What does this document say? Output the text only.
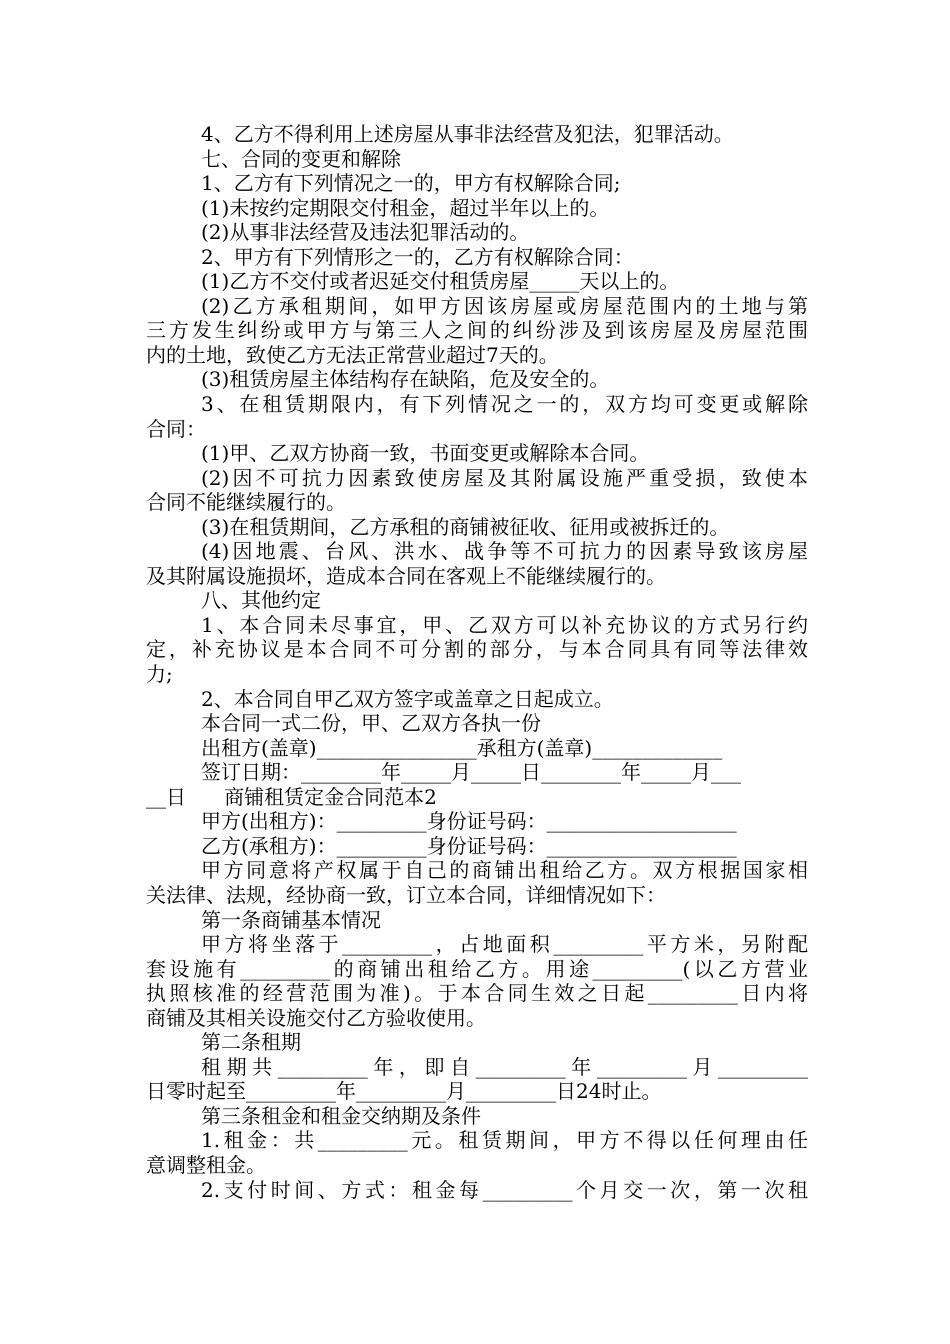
4、乙方不得利用上述房屋从事非法经营及犯法，犯罪活动。
七、合同的变更和解除
1、乙方有下列情况之一的，甲方有权解除合同;
(1)未按约定期限交付租金，超过半年以上的。
(2)从事非法经营及违法犯罪活动的。
2、甲方有下列情形之一的，乙方有权解除合同：
(1)乙方不交付或者迟延交付租赁房屋_____天以上的。
(2)乙方承租期间，如甲方因该房屋或房屋范围内的土地与第
三方发生纠纷或甲方与第三人之间的纠纷涉及到该房屋及房屋范围
内的土地，致使乙方无法正常营业超过7天的。
(3)租赁房屋主体结构存在缺陷，危及安全的。
3、在租赁期限内，有下列情况之一的，双方均可变更或解除
合同：
(1)甲、乙双方协商一致，书面变更或解除本合同。
(2)因不可抗力因素致使房屋及其附属设施严重受损，致使本
合同不能继续履行的。
(3)在租赁期间，乙方承租的商铺被征收、征用或被拆迁的。
(4)因地震、台风、洪水、战争等不可抗力的因素导致该房屋
及其附属设施损坏，造成本合同在客观上不能继续履行的。
八、其他约定
1、本合同未尽事宜，甲、乙双方可以补充协议的方式另行约
定，补充协议是本合同不可分割的部分，与本合同具有同等法律效
力;
2、本合同自甲乙双方签字或盖章之日起成立。
本合同一式二份，甲、乙双方各执一份
出租方(盖章)________________承租方(盖章)_____________
签订日期：________年_____月_____日________年_____月___
__日      商铺租赁定金合同范本2
甲方(出租方)：_________身份证号码：___________________
乙方(承租方)：_________身份证号码：___________________
甲方同意将产权属于自己的商铺出租给乙方。双方根据国家相
关法律、法规，经协商一致，订立本合同，详细情况如下：
第一条商铺基本情况
甲方将坐落于_________，占地面积_________平方米，另附配
套设施有_________的商铺出租给乙方。用途_________(以乙方营业
执照核准的经营范围为准)。于本合同生效之日起_________日内将
商铺及其相关设施交付乙方验收使用。
第二条租期
租期共_________年，即自_________年_________月_________
日零时起至_________年_________月_________日24时止。
第三条租金和租金交纳期及条件
1.租金：共_________元。租赁期间，甲方不得以任何理由任
意调整租金。
2.支付时间、方式：租金每_________个月交一次，第一次租
